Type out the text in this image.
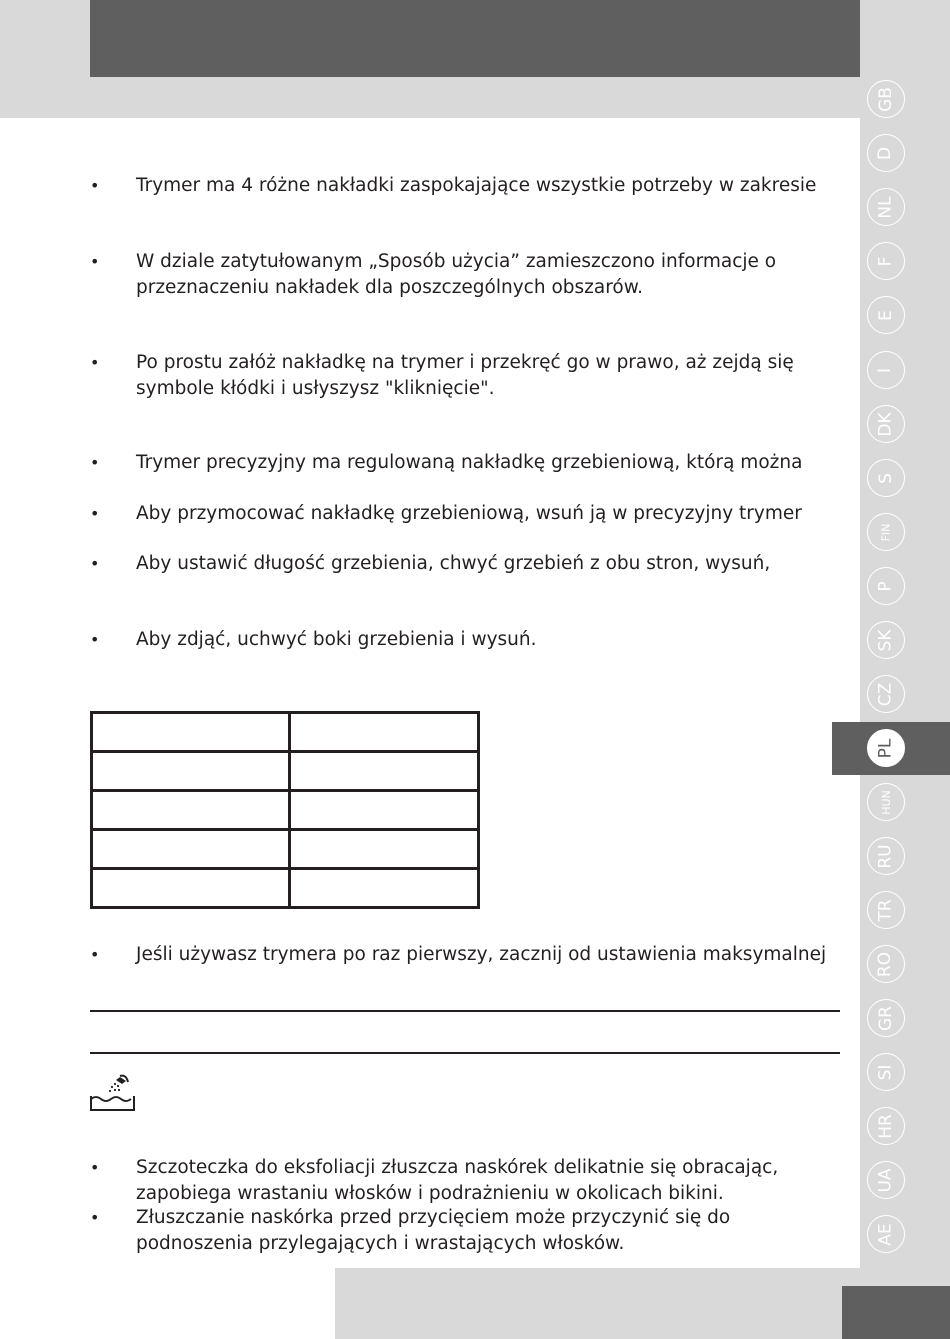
GB
D
NL
F
E
I
DK
S
FIN
P
SK
CZ
PL
HUN
RU
TR
RO
GR
SI
HR
UA
AE
• Trymer ma 4 różne nakładki zaspokajające wszystkie potrzeby w zakresie
• W dziale zatytułowanym „Sposób użycia” zamieszczono informacje o
przeznaczeniu nakładek dla poszczególnych obszarów.
• Po prostu załóż nakładkę na trymer i przekręć go w prawo, aż zejdą się
symbole kłódki i usłyszysz "kliknięcie".
• Trymer precyzyjny ma regulowaną nakładkę grzebieniową, którą można
• Aby przymocować nakładkę grzebieniową, wsuń ją w precyzyjny trymer
• Aby ustawić długość grzebienia, chwyć grzebień z obu stron, wysuń,
• Aby zdjąć, uchwyć boki grzebienia i wysuń.

• Jeśli używasz trymera po raz pierwszy, zacznij od ustawienia maksymalnej
• Szczoteczka do eksfoliacji złuszcza naskórek delikatnie się obracając,
zapobiega wrastaniu włosków i podrażnieniu w okolicach bikini.
• Złuszczanie naskórka przed przycięciem może przyczynić się do
podnoszenia przylegających i wrastających włosków.
